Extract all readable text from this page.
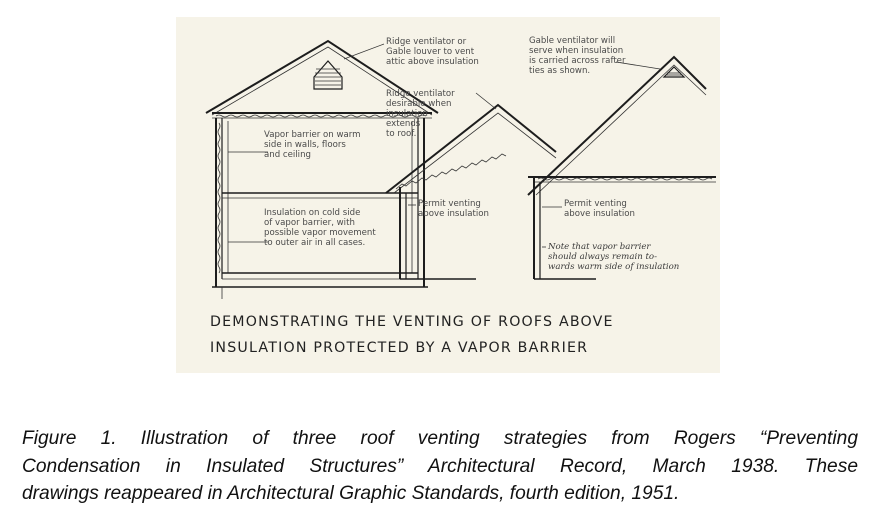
Ridge ventilator or Gable louver to vent attic above insulation
Gable ventilator will serve when insulation is carried across rafter ties as shown.
Ridge ventilator desirable when insulation extends to roof.
Vapor barrier on warm side in walls, floors and ceiling
Insulation on cold side of vapor barrier, with possible vapor movement to outer air in all cases.
Permit venting above insulation
Permit venting above insulation
Note that vapor barrier should always remain to- wards warm side of insulation
DEMONSTRATING THE VENTING OF ROOFS ABOVE INSULATION PROTECTED BY A VAPOR BARRIER
Figure 1. Illustration of three roof venting strategies from Rogers “Preventing
Condensation in Insulated Structures” Architectural Record, March 1938. These
drawings reappeared in Architectural Graphic Standards, fourth edition, 1951.
